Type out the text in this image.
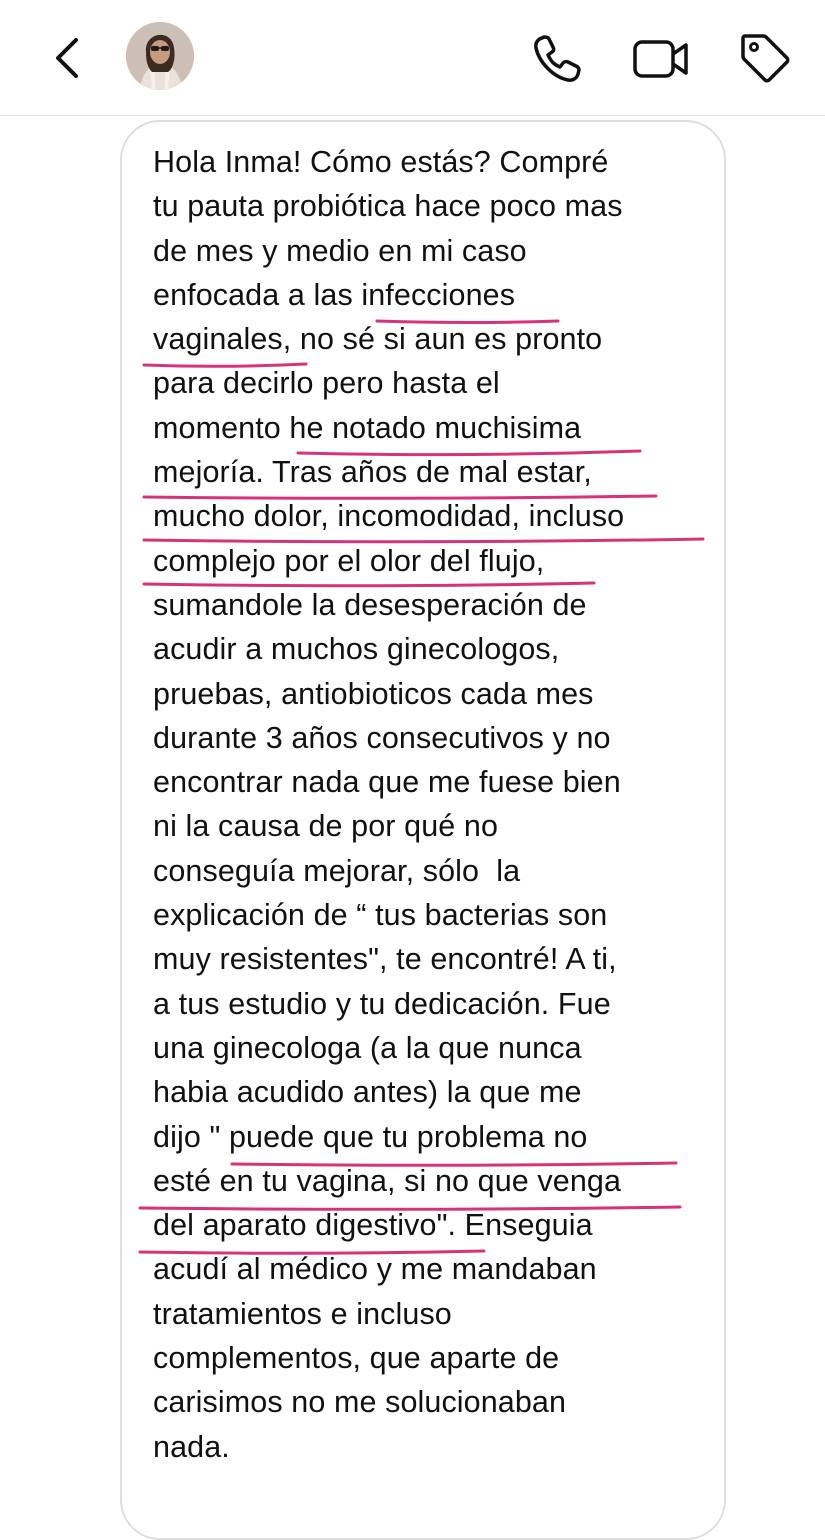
Hola Inma! Cómo estás? Compré
tu pauta probiótica hace poco mas
de mes y medio en mi caso
enfocada a las infecciones
vaginales, no sé si aun es pronto
para decirlo pero hasta el
momento he notado muchisima
mejoría. Tras años de mal estar,
mucho dolor, incomodidad, incluso
complejo por el olor del flujo,
sumandole la desesperación de
acudir a muchos ginecologos,
pruebas, antiobioticos cada mes
durante 3 años consecutivos y no
encontrar nada que me fuese bien
ni la causa de por qué no
conseguía mejorar, sólo  la
explicación de “ tus bacterias son
muy resistentes", te encontré! A ti,
a tus estudio y tu dedicación. Fue
una ginecologa (a la que nunca
habia acudido antes) la que me
dijo " puede que tu problema no
esté en tu vagina, si no que venga
del aparato digestivo". Enseguia
acudí al médico y me mandaban
tratamientos e incluso
complementos, que aparte de
carisimos no me solucionaban
nada.
